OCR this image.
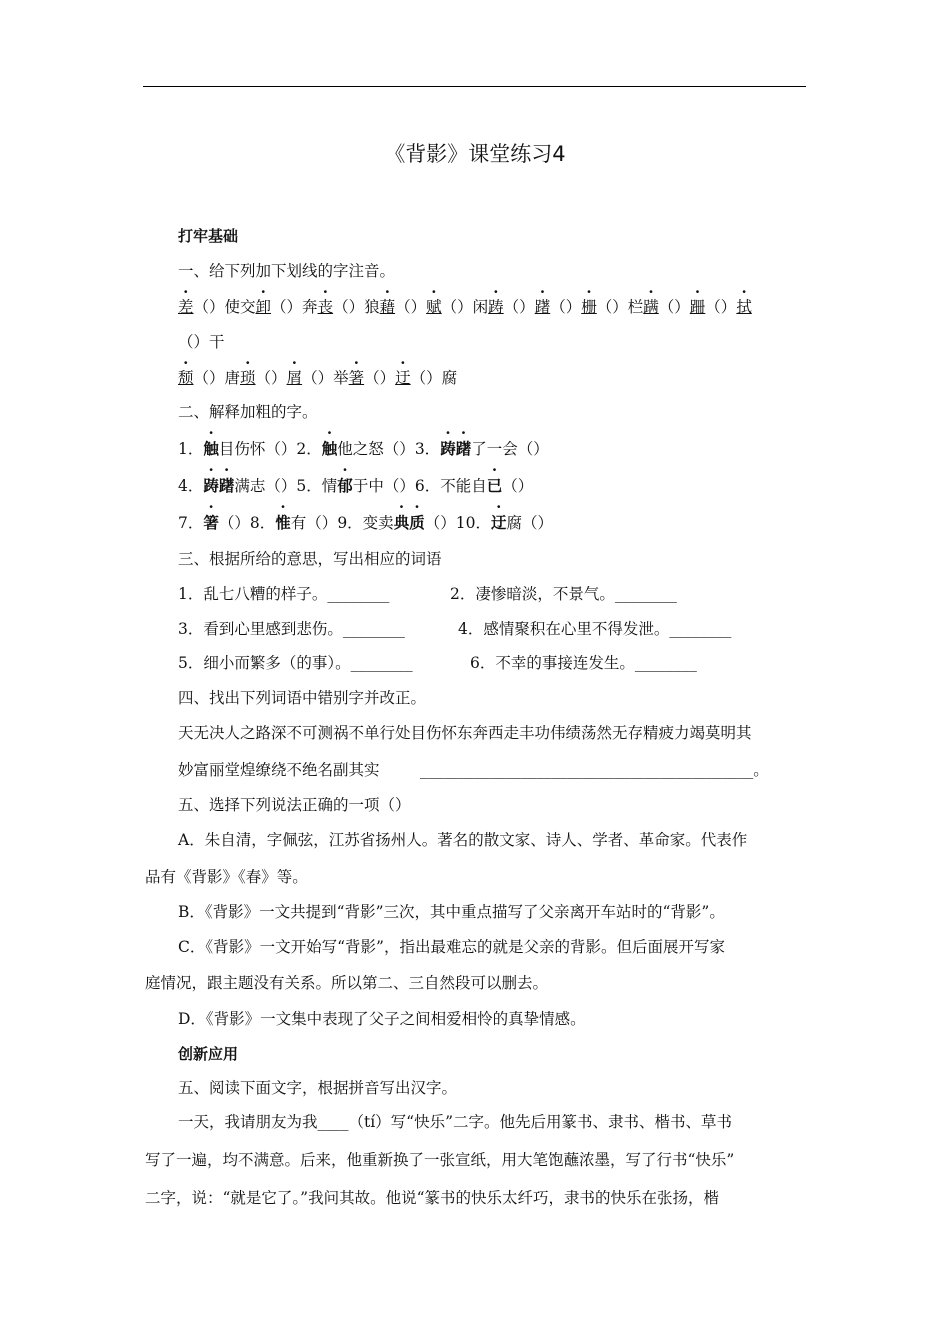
《背影》课堂练习4
打牢基础
一、给下列加下划线的字注音。
差（）使交卸（）奔丧（）狼藉（）赋（）闲踌（）躇（）栅（）栏蹒（）跚（）拭
（）干
颓（）唐琐（）屑（）举箸（）迂（）腐
二、解释加粗的字。
1．触目伤怀（）2．触他之怒（）3．踌躇了一会（）
4．踌躇满志（）5．情郁于中（）6．不能自已（）
7．箸（）8．惟有（）9．变卖典质（）10．迂腐（）
三、根据所给的意思，写出相应的词语
1．乱七八糟的样子。________	2．凄惨暗淡，不景气。________
3．看到心里感到悲伤。________	4．感情聚积在心里不得发泄。________
5．细小而繁多（的事）。________	6．不幸的事接连发生。________
四、找出下列词语中错别字并改正。
天无决人之路深不可测祸不单行处目伤怀东奔西走丰功伟绩荡然无存精疲力竭莫明其
妙富丽堂煌缭绕不绝名副其实	___________________________________________。
五、选择下列说法正确的一项（）
A．朱自清，字佩弦，江苏省扬州人。著名的散文家、诗人、学者、革命家。代表作
品有《背影》《春》等。
B．《背影》一文共提到“背影”三次，其中重点描写了父亲离开车站时的“背影”。
C．《背影》一文开始写“背影”，指出最难忘的就是父亲的背影。但后面展开写家
庭情况，跟主题没有关系。所以第二、三自然段可以删去。
D．《背影》一文集中表现了父子之间相爱相怜的真挚情感。
创新应用
五、阅读下面文字，根据拼音写出汉字。
一天，我请朋友为我____（tí）写“快乐”二字。他先后用篆书、隶书、楷书、草书
写了一遍，均不满意。后来，他重新换了一张宣纸，用大笔饱蘸浓墨，写了行书“快乐”
二字，说：“就是它了。”我问其故。他说“篆书的快乐太纤巧，隶书的快乐在张扬，楷
